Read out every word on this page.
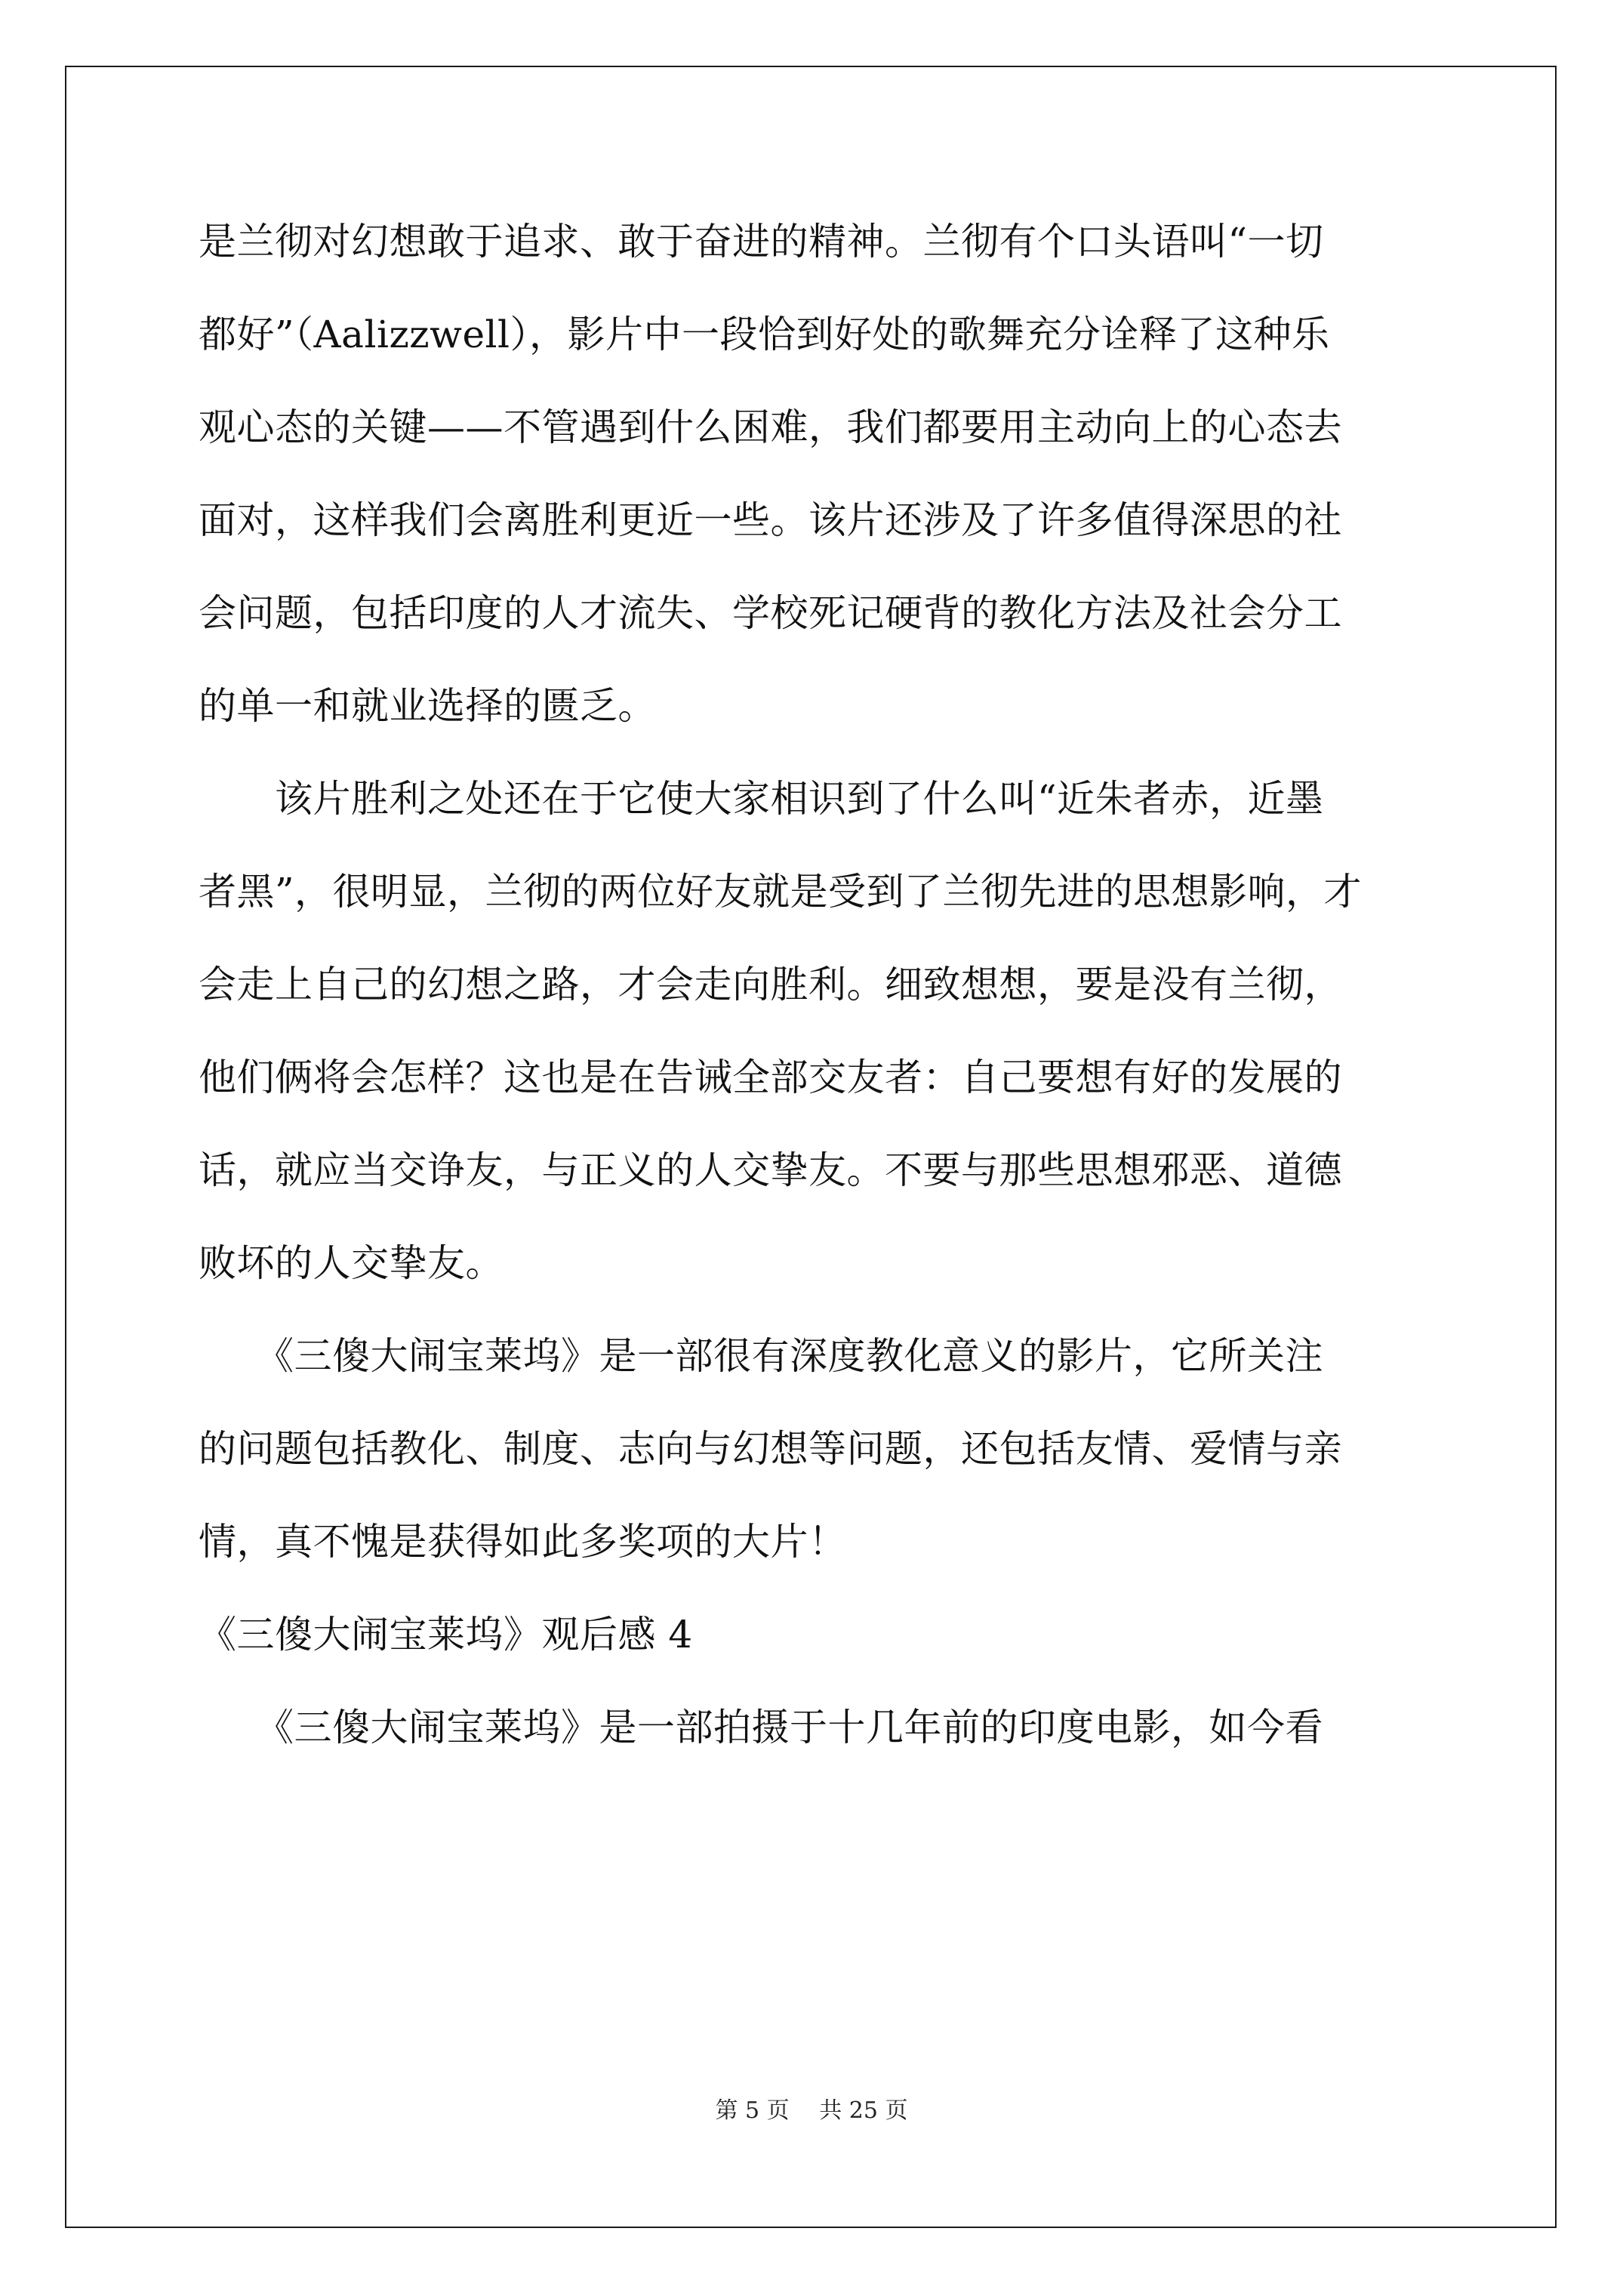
是兰彻对幻想敢于追求、敢于奋进的精神。兰彻有个口头语叫“一切
都好”（Aalizzwell），影片中一段恰到好处的歌舞充分诠释了这种乐
观心态的关键——不管遇到什么困难，我们都要用主动向上的心态去
面对，这样我们会离胜利更近一些。该片还涉及了许多值得深思的社
会问题，包括印度的人才流失、学校死记硬背的教化方法及社会分工
的单一和就业选择的匮乏。
　　该片胜利之处还在于它使大家相识到了什么叫“近朱者赤，近墨
者黑”，很明显，兰彻的两位好友就是受到了兰彻先进的思想影响，才
会走上自己的幻想之路，才会走向胜利。细致想想，要是没有兰彻，
他们俩将会怎样？这也是在告诫全部交友者：自己要想有好的发展的
话，就应当交诤友，与正义的人交挚友。不要与那些思想邪恶、道德
败坏的人交挚友。
　　《三傻大闹宝莱坞》是一部很有深度教化意义的影片，它所关注
的问题包括教化、制度、志向与幻想等问题，还包括友情、爱情与亲
情，真不愧是获得如此多奖项的大片！
《三傻大闹宝莱坞》观后感 4
　　《三傻大闹宝莱坞》是一部拍摄于十几年前的印度电影，如今看
第 5 页　 共 25 页
